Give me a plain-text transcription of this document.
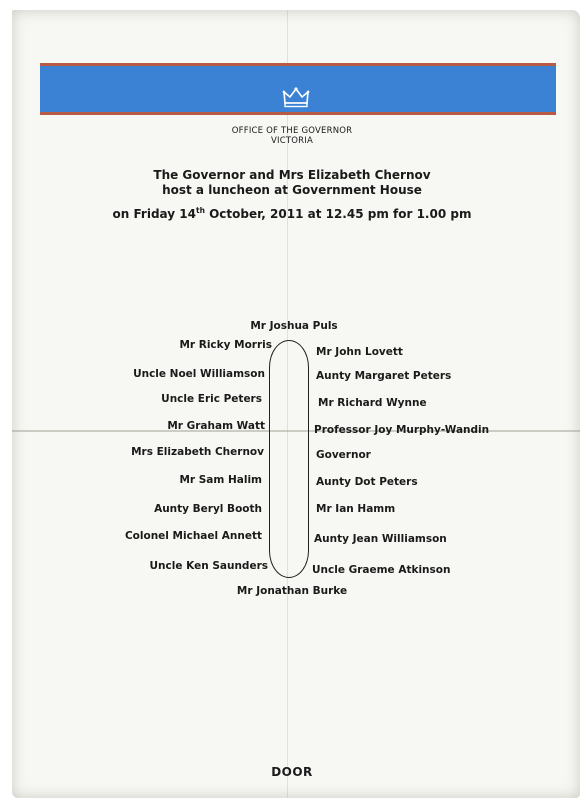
OFFICE OF THE GOVERNOR
VICTORIA
The Governor and Mrs Elizabeth Chernov
host a luncheon at Government House
on Friday 14th October, 2011 at 12.45 pm for 1.00 pm
Mr Joshua Puls
Mr Ricky Morris
Uncle Noel Williamson
Uncle Eric Peters
Mr Graham Watt
Mrs Elizabeth Chernov
Mr Sam Halim
Aunty Beryl Booth
Colonel Michael Annett
Uncle Ken Saunders
Mr John Lovett
Aunty Margaret Peters
Mr Richard Wynne
Professor Joy Murphy-Wandin
Governor
Aunty Dot Peters
Mr Ian Hamm
Aunty Jean Williamson
Uncle Graeme Atkinson
Mr Jonathan Burke
DOOR
